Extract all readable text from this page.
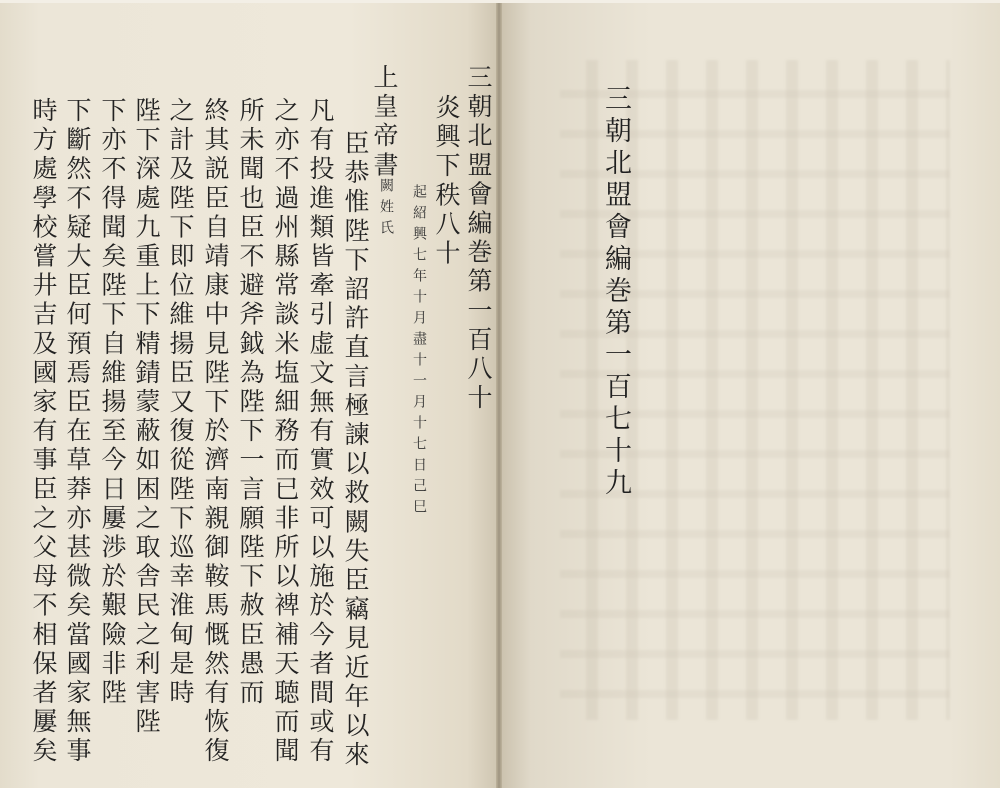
三朝北盟會編巻第一百七十九
三朝北盟會編巻第一百八十
炎興下秩八十
起紹興七年十月盡十一月十七日己巳
上皇帝書
闕姓氏
臣恭惟陛下詔許直言極諫以救闕失臣竊見近年以來
凡有投進類皆牽引虚文無有實效可以施於今者間或有
之亦不過州縣常談米塩細務而已非所以裨補天聴而聞
所未聞也臣不避斧鉞為陛下一言願陛下赦臣愚而
終其説臣自靖康中見陛下於濟南親御鞍馬慨然有恢復
之計及陛下即位維揚臣又復從陛下巡幸淮甸是時
陛下深處九重上下精錆蒙蔽如困之取舎民之利害陛
下亦不得聞矣陛下自維揚至今日屢渉於艱險非陛
下斷然不疑大臣何預焉臣在草莽亦甚微矣當國家無事
時方處學校嘗井吉及國家有事臣之父母不相保者屢矣
